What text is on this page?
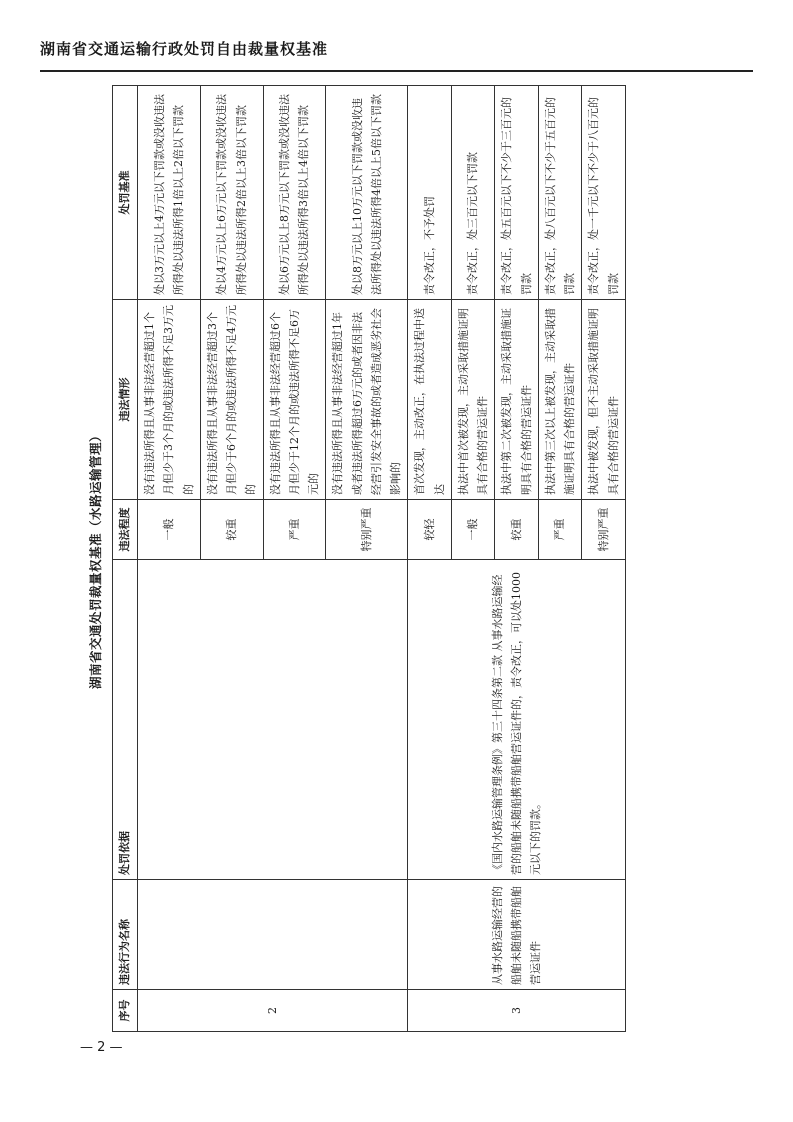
湖南省交通运输行政处罚自由裁量权基准
湖南省交通处罚裁量权基准（水路运输管理）
序号	违法行为名称	处罚依据	违法程度	违法情形	处罚基准
2			一般	没有违法所得且从事非法经营超过1个月但少于3个月的或违法所得不足3万元的	处以3万元以上4万元以下罚款或没收违法所得处以违法所得1倍以上2倍以下罚款
			较重	没有违法所得且从事非法经营超过3个月但少于6个月的或违法所得不足4万元的	处以4万元以上6万元以下罚款或没收违法所得处以违法所得2倍以上3倍以下罚款
			严重	没有违法所得且从事非法经营超过6个月但少于12个月的或违法所得不足6万元的	处以6万元以上8万元以下罚款或没收违法所得处以违法所得3倍以上4倍以下罚款
			特别严重	没有违法所得且从事非法经营超过1年或者违法所得超过6万元的或者因非法经营引发安全事故的或者造成恶劣社会影响的	处以8万元以上10万元以下罚款或没收违法所得处以违法所得4倍以上5倍以下罚款
3	从事水路运输经营的船舶未随船携带船舶营运证件	《国内水路运输管理条例》第三十四条第二款 从事水路运输经营的船舶未随船携带船舶营运证件的，责令改正，可以处1000元以下的罚款。	较轻	首次发现，主动改正，在执法过程中送达	责令改正，不予处罚
			一般	执法中首次被发现，主动采取措施证明具有合格的营运证件	责令改正，处三百元以下罚款
			较重	执法中第二次被发现，主动采取措施证明具有合格的营运证件	责令改正，处五百元以下不少于三百元的罚款
			严重	执法中第三次以上被发现，主动采取措施证明具有合格的营运证件	责令改正，处八百元以下不少于五百元的罚款
			特别严重	执法中被发现，但不主动采取措施证明具有合格的营运证件	责令改正，处一千元以下不少于八百元的罚款
— 2 —
